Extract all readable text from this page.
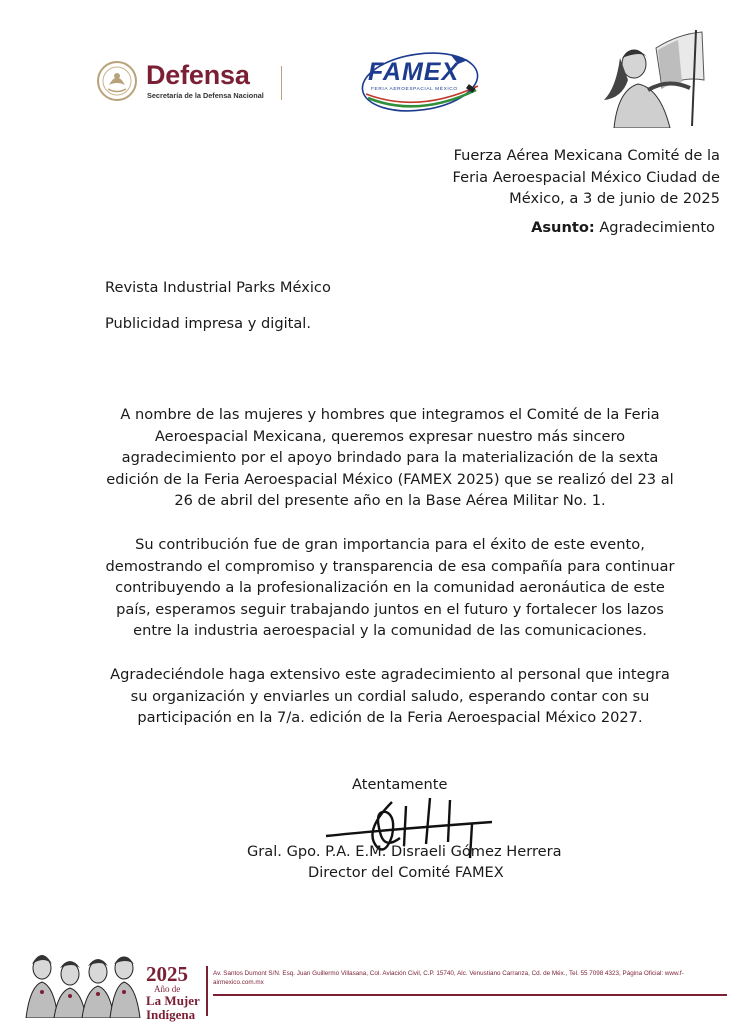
Defensa
Secretaría de la Defensa Nacional
FAMEX
FERIA AEROESPACIAL MÉXICO
Fuerza Aérea Mexicana Comité de la
Feria Aeroespacial México Ciudad de
México, a 3 de junio de 2025
Asunto: Agradecimiento

Revista Industrial Parks México

Publicidad impresa y digital.

A nombre de las mujeres y hombres que integramos el Comité de la Feria Aeroespacial Mexicana, queremos expresar nuestro más sincero agradecimiento por el apoyo brindado para la materialización de la sexta edición de la Feria Aeroespacial México (FAMEX 2025) que se realizó del 23 al 26 de abril del presente año en la Base Aérea Militar No. 1.

Su contribución fue de gran importancia para el éxito de este evento, demostrando el compromiso y transparencia de esa compañía para continuar contribuyendo a la profesionalización en la comunidad aeronáutica de este país, esperamos seguir trabajando juntos en el futuro y fortalecer los lazos entre la industria aeroespacial y la comunidad de las comunicaciones.

Agradeciéndole haga extensivo este agradecimiento al personal que integra su organización y enviarles un cordial saludo, esperando contar con su participación en la 7/a. edición de la Feria Aeroespacial México 2027.

Atentamente
Gral. Gpo. P.A. E.M. Disraeli Gómez Herrera
Director del Comité FAMEX
2025
Año de
La Mujer
Indígena
Av. Santos Dumont S/N. Esq. Juan Guillermo Villasana, Col. Aviación Civil, C.P. 15740, Alc. Venustiano Carranza, Cd. de Méx., Tel. 55 7098 4323, Página Oficial: www.f-airmexico.com.mx
